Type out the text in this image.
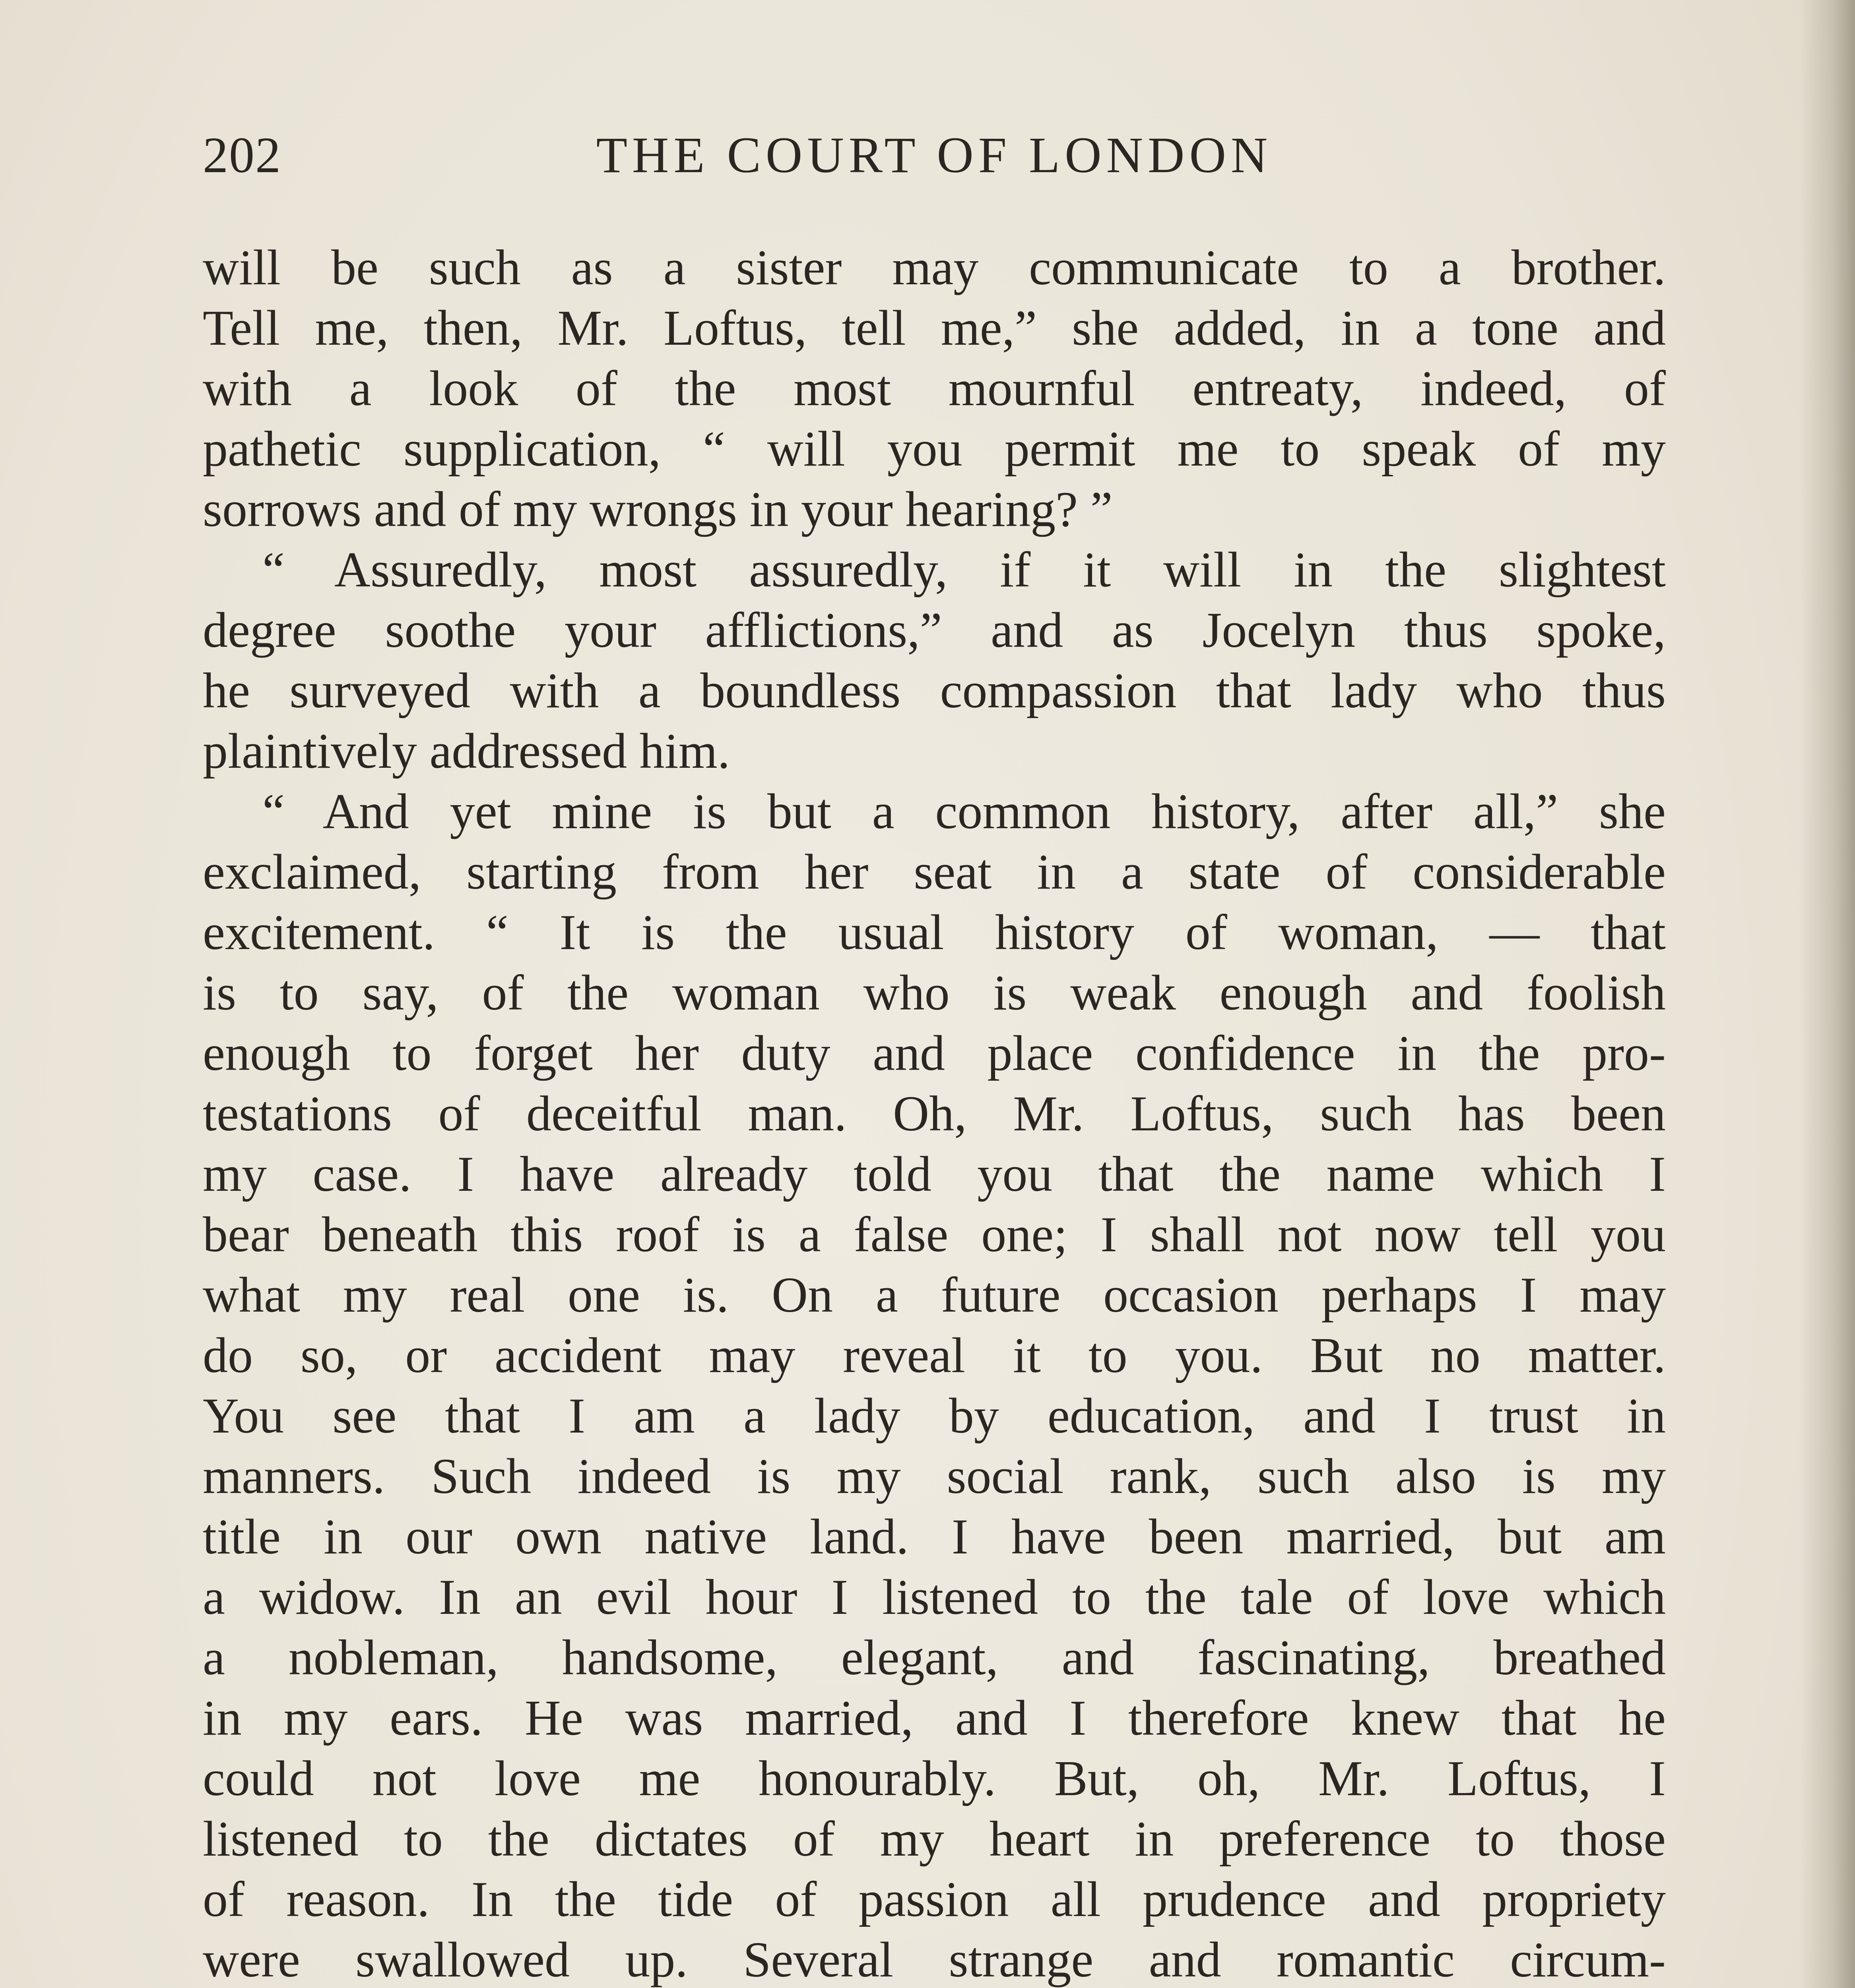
202	THE COURT OF LONDON
will be such as a sister may communicate to a brother.
Tell me, then, Mr. Loftus, tell me,” she added, in a tone and
with a look of the most mournful entreaty, indeed, of
pathetic supplication, “ will you permit me to speak of my
sorrows and of my wrongs in your hearing? ”
“ Assuredly, most assuredly, if it will in the slightest
degree soothe your afflictions,” and as Jocelyn thus spoke,
he surveyed with a boundless compassion that lady who thus
plaintively addressed him.
“ And yet mine is but a common history, after all,” she
exclaimed, starting from her seat in a state of considerable
excitement. “ It is the usual history of woman, — that
is to say, of the woman who is weak enough and foolish
enough to forget her duty and place confidence in the pro-
testations of deceitful man. Oh, Mr. Loftus, such has been
my case. I have already told you that the name which I
bear beneath this roof is a false one; I shall not now tell you
what my real one is. On a future occasion perhaps I may
do so, or accident may reveal it to you. But no matter.
You see that I am a lady by education, and I trust in
manners. Such indeed is my social rank, such also is my
title in our own native land. I have been married, but am
a widow. In an evil hour I listened to the tale of love which
a nobleman, handsome, elegant, and fascinating, breathed
in my ears. He was married, and I therefore knew that he
could not love me honourably. But, oh, Mr. Loftus, I
listened to the dictates of my heart in preference to those
of reason. In the tide of passion all prudence and propriety
were swallowed up. Several strange and romantic circum-
